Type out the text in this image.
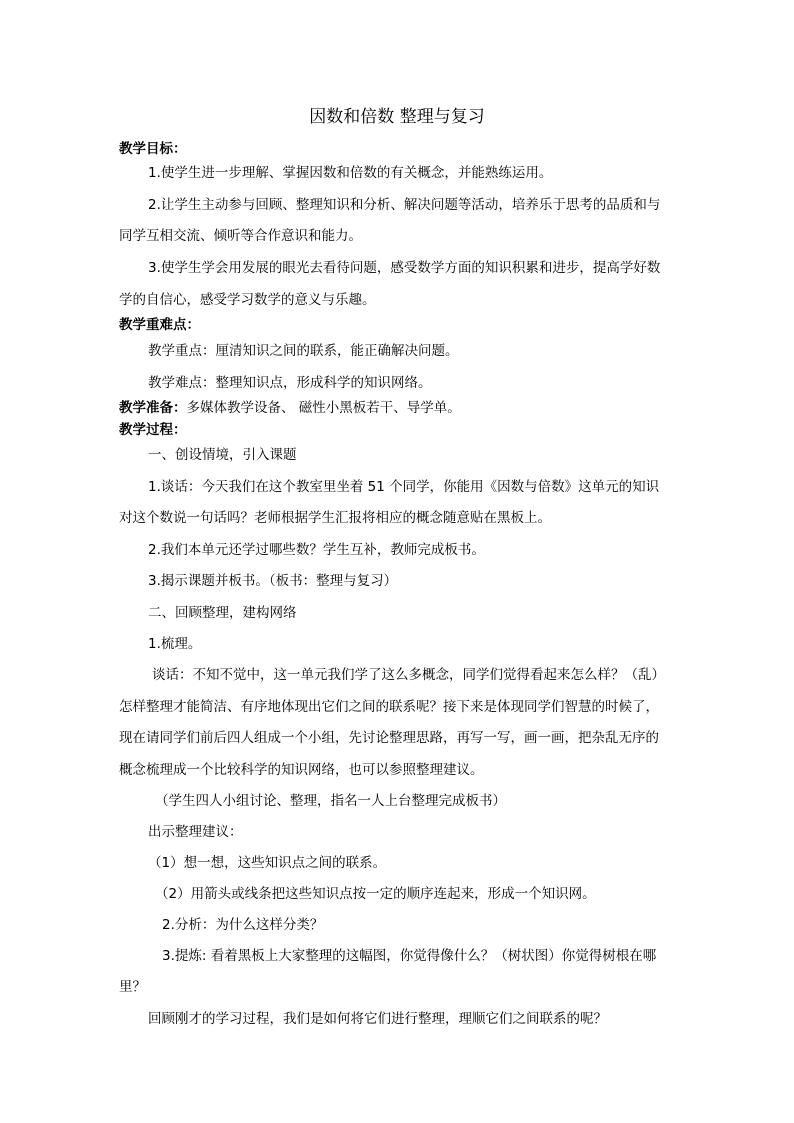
因数和倍数 整理与复习
教学目标：
1.使学生进一步理解、掌握因数和倍数的有关概念，并能熟练运用。
2.让学生主动参与回顾、整理知识和分析、解决问题等活动，培养乐于思考的品质和与
同学互相交流、倾听等合作意识和能力。
3.使学生学会用发展的眼光去看待问题，感受数学方面的知识积累和进步，提高学好数
学的自信心，感受学习数学的意义与乐趣。
教学重难点：
教学重点：厘清知识之间的联系，能正确解决问题。
教学难点：整理知识点，形成科学的知识网络。
教学准备：多媒体教学设备、 磁性小黑板若干、导学单。
教学过程：
一、创设情境，引入课题
1.谈话：今天我们在这个教室里坐着 51 个同学，你能用《因数与倍数》这单元的知识
对这个数说一句话吗？老师根据学生汇报将相应的概念随意贴在黑板上。
2.我们本单元还学过哪些数？学生互补，教师完成板书。
3.揭示课题并板书。（板书：整理与复习）
二、回顾整理，建构网络
1.梳理。
谈话：不知不觉中，这一单元我们学了这么多概念，同学们觉得看起来怎么样？（乱）
怎样整理才能简洁、有序地体现出它们之间的联系呢？接下来是体现同学们智慧的时候了，
现在请同学们前后四人组成一个小组，先讨论整理思路，再写一写，画一画，把杂乱无序的
概念梳理成一个比较科学的知识网络，也可以参照整理建议。
（学生四人小组讨论、整理，指名一人上台整理完成板书）
出示整理建议：
（1）想一想，这些知识点之间的联系。
（2）用箭头或线条把这些知识点按一定的顺序连起来，形成一个知识网。
2.分析：为什么这样分类？
3.提炼: 看着黑板上大家整理的这幅图，你觉得像什么？（树状图）你觉得树根在哪
里？
回顾刚才的学习过程，我们是如何将它们进行整理，理顺它们之间联系的呢？
